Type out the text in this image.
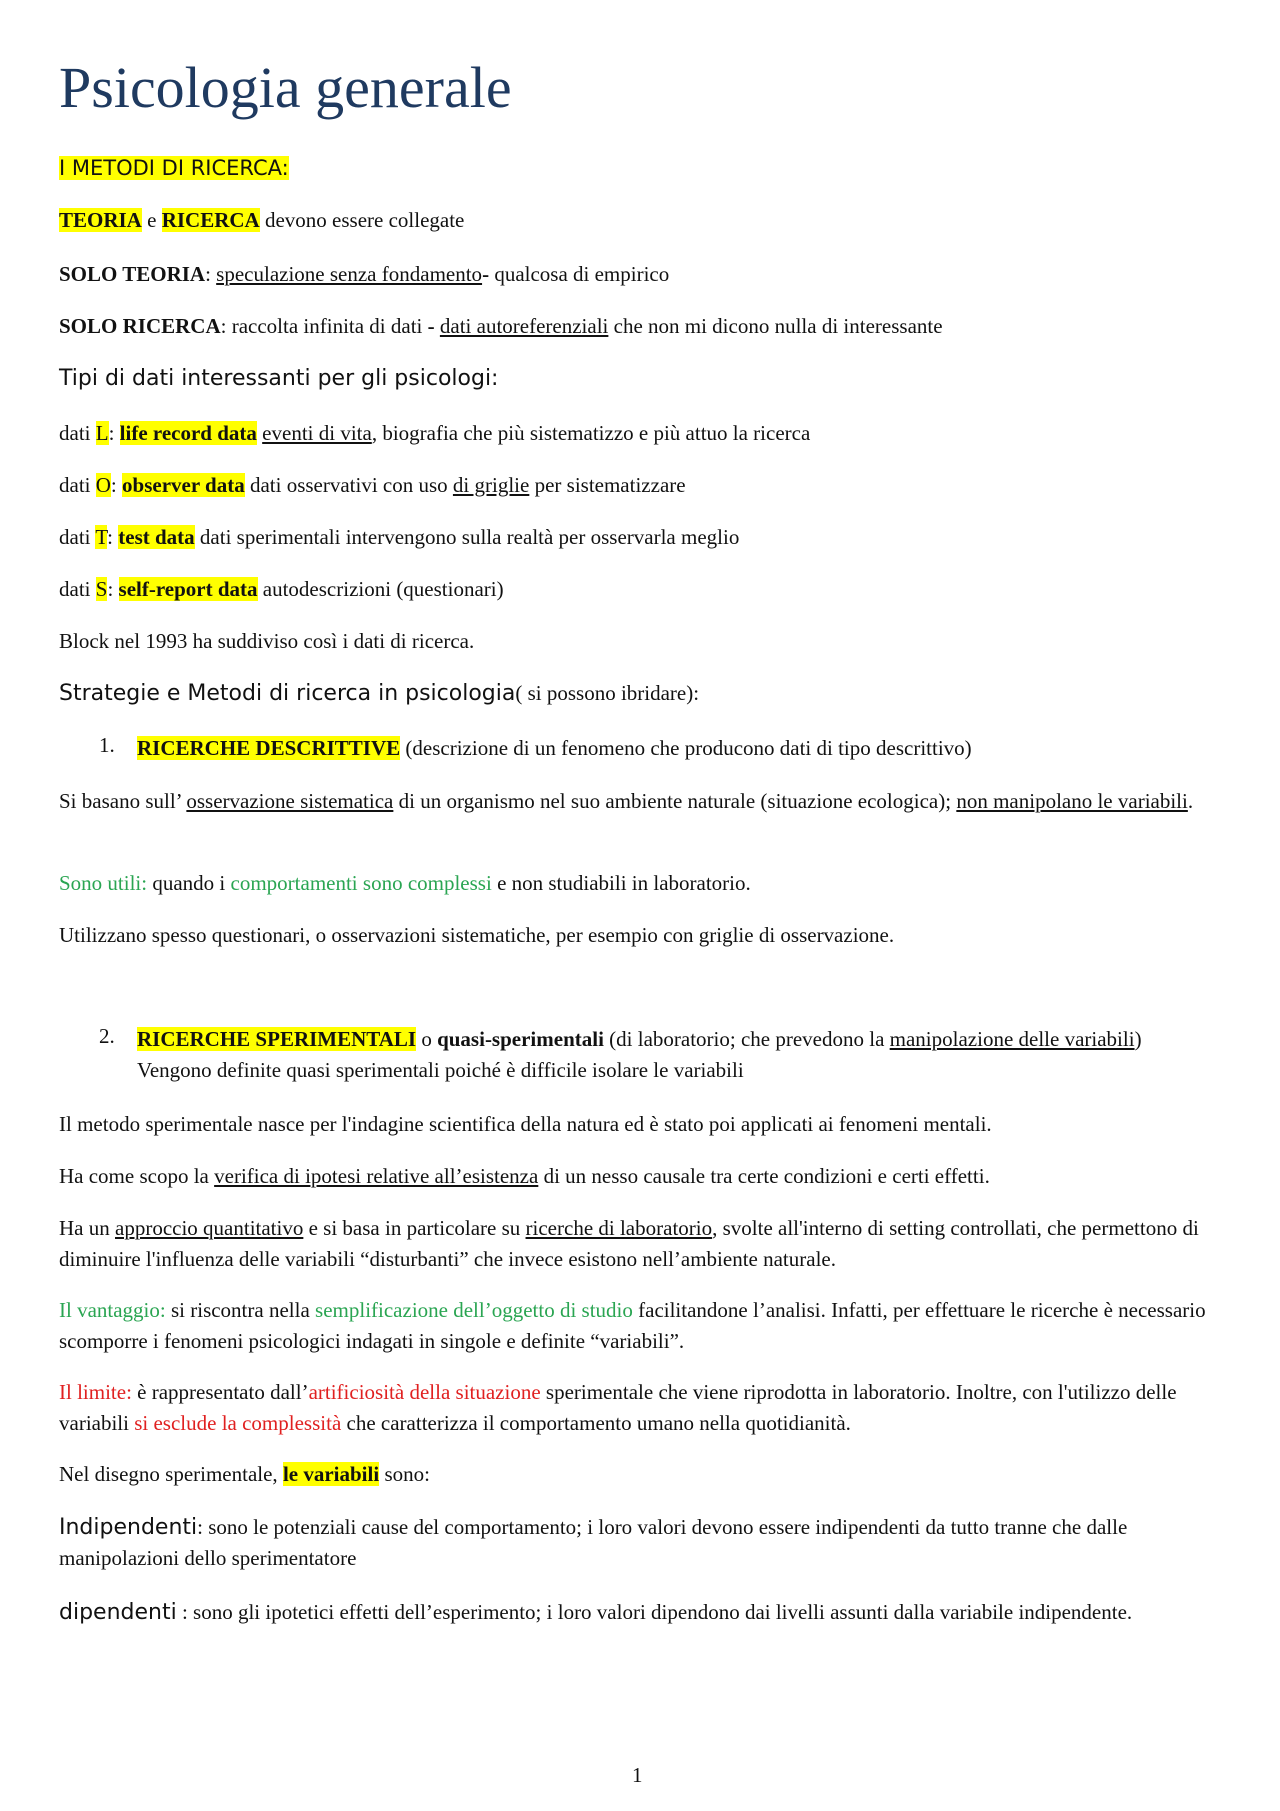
Psicologia generale
I METODI DI RICERCA:
TEORIA e RICERCA devono essere collegate
SOLO TEORIA: speculazione senza fondamento- qualcosa di empirico
SOLO RICERCA: raccolta infinita di dati - dati autoreferenziali che non mi dicono nulla di interessante
Tipi di dati interessanti per gli psicologi:
dati L: life record data eventi di vita, biografia che più sistematizzo e più attuo la ricerca
dati O: observer data dati osservativi con uso di griglie per sistematizzare
dati T: test data dati sperimentali intervengono sulla realtà per osservarla meglio
dati S: self-report data autodescrizioni (questionari)
Block nel 1993 ha suddiviso così i dati di ricerca.
Strategie e Metodi di ricerca in psicologia( si possono ibridare):
1. RICERCHE DESCRITTIVE (descrizione di un fenomeno che producono dati di tipo descrittivo)
Si basano sull’ osservazione sistematica di un organismo nel suo ambiente naturale (situazione ecologica); non manipolano le variabili.
Sono utili: quando i comportamenti sono complessi e non studiabili in laboratorio.
Utilizzano spesso questionari, o osservazioni sistematiche, per esempio con griglie di osservazione.
2. RICERCHE SPERIMENTALI o quasi-sperimentali (di laboratorio; che prevedono la manipolazione delle variabili) Vengono definite quasi sperimentali poiché è difficile isolare le variabili
Il metodo sperimentale nasce per l'indagine scientifica della natura ed è stato poi applicati ai fenomeni mentali.
Ha come scopo la verifica di ipotesi relative all’esistenza di un nesso causale tra certe condizioni e certi effetti.
Ha un approccio quantitativo e si basa in particolare su ricerche di laboratorio, svolte all'interno di setting controllati, che permettono di diminuire l'influenza delle variabili “disturbanti” che invece esistono nell’ambiente naturale.
Il vantaggio: si riscontra nella semplificazione dell’oggetto di studio facilitandone l’analisi. Infatti, per effettuare le ricerche è necessario scomporre i fenomeni psicologici indagati in singole e definite “variabili”.
Il limite: è rappresentato dall’artificiosità della situazione sperimentale che viene riprodotta in laboratorio. Inoltre, con l'utilizzo delle variabili si esclude la complessità che caratterizza il comportamento umano nella quotidianità.
Nel disegno sperimentale, le variabili sono:
Indipendenti: sono le potenziali cause del comportamento; i loro valori devono essere indipendenti da tutto tranne che dalle manipolazioni dello sperimentatore
dipendenti : sono gli ipotetici effetti dell’esperimento; i loro valori dipendono dai livelli assunti dalla variabile indipendente.
1
